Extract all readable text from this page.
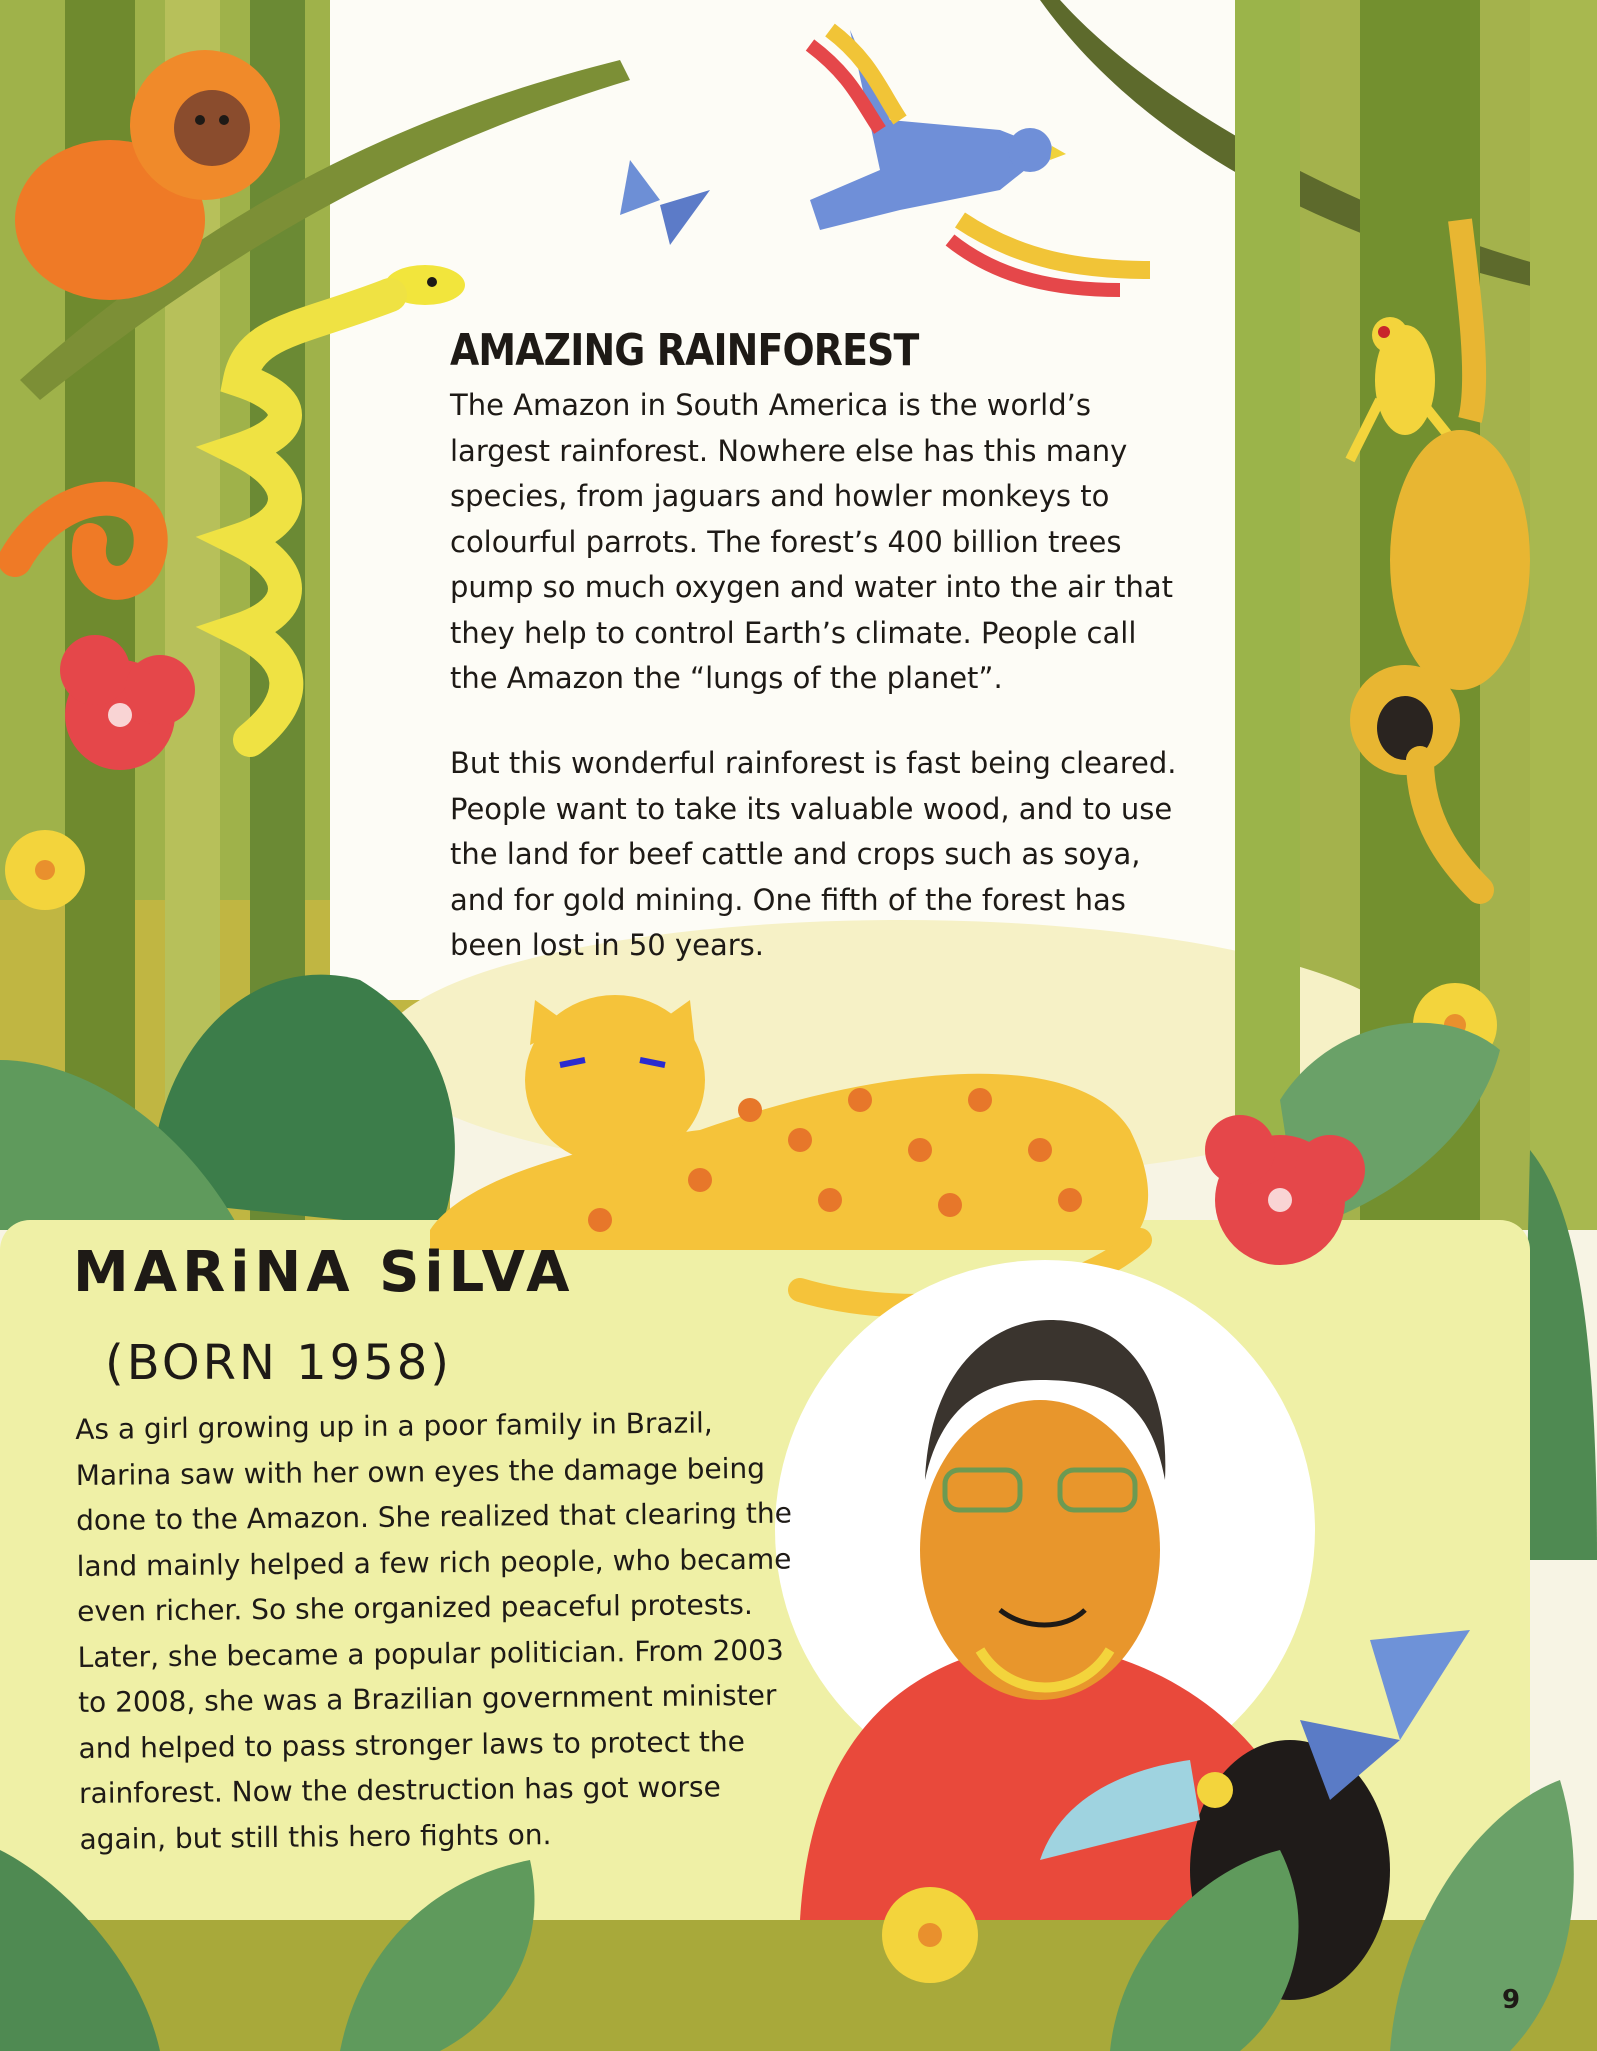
AMAZING RAINFOREST
The Amazon in South America is the world’s largest rainforest. Nowhere else has this many species, from jaguars and howler monkeys to colourful parrots. The forest’s 400 billion trees pump so much oxygen and water into the air that they help to control Earth’s climate. People call the Amazon the “lungs of the planet”.
But this wonderful rainforest is fast being cleared. People want to take its valuable wood, and to use the land for beef cattle and crops such as soya, and for gold mining. One fifth of the forest has been lost in 50 years.
MARiNA SiLVA
(BORN 1958)
As a girl growing up in a poor family in Brazil, Marina saw with her own eyes the damage being done to the Amazon. She realized that clearing the land mainly helped a few rich people, who became even richer. So she organized peaceful protests. Later, she became a popular politician. From 2003 to 2008, she was a Brazilian government minister and helped to pass stronger laws to protect the rainforest. Now the destruction has got worse again, but still this hero fights on.
9
